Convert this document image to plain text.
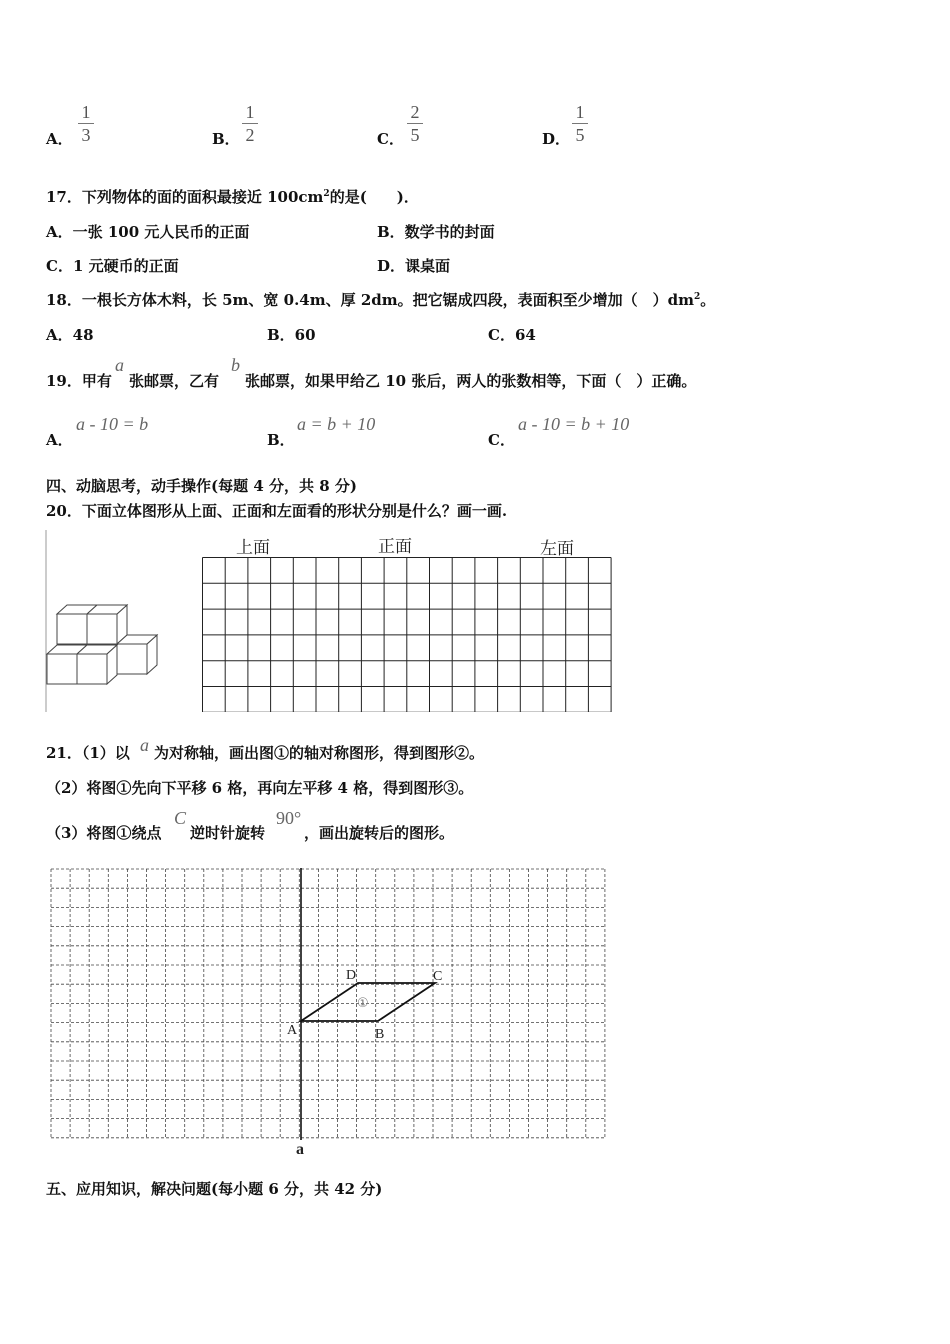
A．
1
3	B．
1
2	C．
2
5	D．
1
5
17．下列物体的面的面积最接近 $100cm^2$的是(　　)．
A．一张 100 元人民币的正面	B．数学书的封面
C．1 元硬币的正面	D．课桌面
18．一根长方体木料，长 5m、宽 0.4m、厚 2dm。把它锯成四段，表面积至少增加（　）$dm^2$。
A．48	B．60	C．64
19．甲有
a
张邮票，乙有
b
张邮票，如果甲给乙 10 张后，两人的张数相等，下面（　）正确。
A．
a - 10 = b
B．
a = b + 10
C．
a - 10 = b + 10
四、动脑思考，动手操作(每题 4 分，共 8 分)
20．下面立体图形从上面、正面和左面看的形状分别是什么？画一画.
上面	正面	左面
21．（1）以 a 为对称轴，画出图①的轴对称图形，得到图形②。
（2）将图①先向下平移 6 格，再向左平移 4 格，得到图形③。
（3）将图①绕点
C
逆时针旋转
90°
，画出旋转后的图形。
A	B
C
D
①
a
五、应用知识，解决问题(每小题 6 分，共 42 分)
